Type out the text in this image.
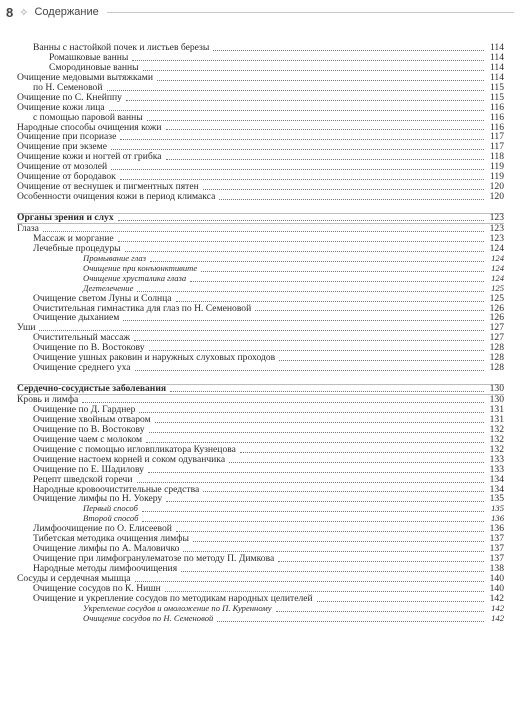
8 ✧ Содержание
Ванны с настойкой почек и листьев березы	114
Ромашковые ванны	114
Смородиновые ванны	114
Очищение медовыми вытяжками	114
по Н. Семеновой	115
Очищение по С. Кнейппу	115
Очищение кожи лица	116
с помощью паровой ванны	116
Народные способы очищения кожи	116
Очищение при псориазе	117
Очищение при экземе	117
Очищение кожи и ногтей от грибка	118
Очищение от мозолей	119
Очищение от бородавок	119
Очищение от веснушек и пигментных пятен	120
Особенности очищения кожи в период климакса	120
Органы зрения и слух	123
Глаза	123
Массаж и моргание	123
Лечебные процедуры	124
Промывание глаз	124
Очищение при конъюнктивите	124
Очищение хрусталика глаза	124
Дегтелечение	125
Очищение светом Луны и Солнца	125
Очистительная гимнастика для глаз по Н. Семеновой	126
Очищение дыханием	126
Уши	127
Очистительный массаж	127
Очищение по В. Востокову	128
Очищение ушных раковин и наружных слуховых проходов	128
Очищение среднего уха	128
Сердечно-сосудистые заболевания	130
Кровь и лимфа	130
Очищение по Д. Гарднер	131
Очищение хвойным отваром	131
Очищение по В. Востокову	132
Очищение чаем с молоком	132
Очищение с помощью игловпликатора Кузнецова	132
Очищение настоем корней и соком одуванчика	133
Очищение по Е. Шадилову	133
Рецепт шведской горечи	134
Народные кровоочистительные средства	134
Очищение лимфы по Н. Уокеру	135
Первый способ	135
Второй способ	136
Лимфоочищение по О. Елисеевой	136
Тибетская методика очищения лимфы	137
Очищение лимфы по А. Маловичко	137
Очищение при лимфогранулематозе по методу П. Димкова	137
Народные методы лимфоочищения	138
Сосуды и сердечная мышца	140
Очищение сосудов по К. Нишн	140
Очищение и укрепление сосудов по методикам народных целителей	142
Укрепление сосудов и омоложение по П. Куренному	142
Очищение сосудов по Н. Семеновой	142
